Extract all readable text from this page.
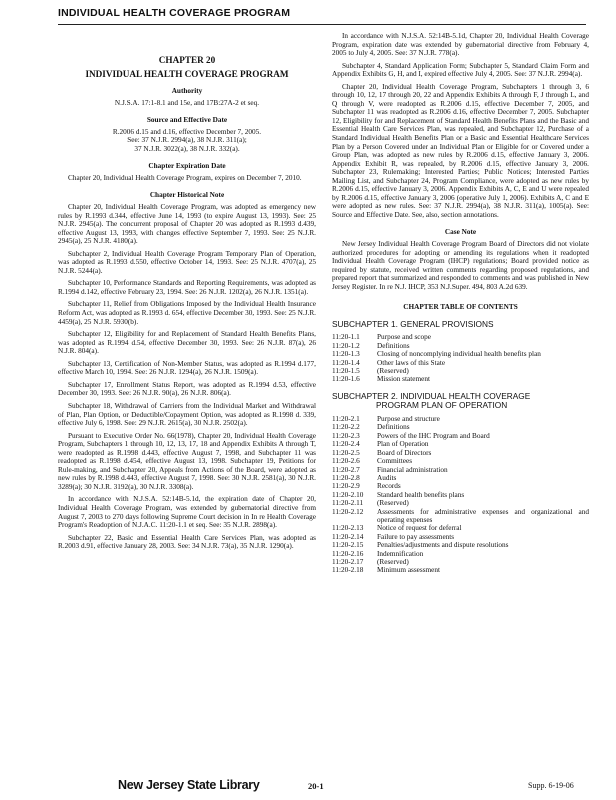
INDIVIDUAL HEALTH COVERAGE PROGRAM
CHAPTER 20
INDIVIDUAL HEALTH COVERAGE PROGRAM
Authority

N.J.S.A. 17:1-8.1 and 15e, and 17B:27A-2 et seq.

Source and Effective Date
R.2006 d.15 and d.16, effective December 7, 2005.
See: 37 N.J.R. 2994(a), 38 N.J.R. 311(a);
37 N.J.R. 3022(a), 38 N.J.R. 332(a).
Chapter Expiration Date

Chapter 20, Individual Health Coverage Program, expires on December 7, 2010.

Chapter Historical Note

Chapter 20, Individual Health Coverage Program, was adopted as emergency new rules by R.1993 d.344, effective June 14, 1993 (to expire August 13, 1993). See: 25 N.J.R. 2945(a). The concurrent proposal of Chapter 20 was adopted as R.1993 d.439, effective August 13, 1993, with changes effective September 7, 1993. See: 25 N.J.R. 2945(a), 25 N.J.R. 4180(a).

Subchapter 2, Individual Health Coverage Program Temporary Plan of Operation, was adopted as R.1993 d.550, effective October 14, 1993. See: 25 N.J.R. 4707(a), 25 N.J.R. 5244(a).

Subchapter 10, Performance Standards and Reporting Requirements, was adopted as R.1994 d.142, effective February 23, 1994. See: 26 N.J.R. 1202(a), 26 N.J.R. 1351(a).

Subchapter 11, Relief from Obligations Imposed by the Individual Health Insurance Reform Act, was adopted as R.1993 d. 654, effective December 30, 1993. See: 25 N.J.R. 4459(a), 25 N.J.R. 5930(b).

Subchapter 12, Eligibility for and Replacement of Standard Health Benefits Plans, was adopted as R.1994 d.54, effective December 30, 1993. See: 26 N.J.R. 87(a), 26 N.J.R. 804(a).

Subchapter 13, Certification of Non-Member Status, was adopted as R.1994 d.177, effective March 10, 1994. See: 26 N.J.R. 1294(a), 26 N.J.R. 1509(a).

Subchapter 17, Enrollment Status Report, was adopted as R.1994 d.53, effective December 30, 1993. See: 26 N.J.R. 90(a), 26 N.J.R. 806(a).

Subchapter 18, Withdrawal of Carriers from the Individual Market and Withdrawal of Plan, Plan Option, or Deductible/Copayment Option, was adopted as R.1998 d. 339, effective July 6, 1998. See: 29 N.J.R. 2615(a), 30 N.J.R. 2502(a).

Pursuant to Executive Order No. 66(1978), Chapter 20, Individual Health Coverage Program, Subchapters 1 through 10, 12, 13, 17, 18 and Appendix Exhibits A through T, were readopted as R.1998 d.443, effective August 7, 1998, and Subchapter 11 was readopted as R.1998 d.454, effective August 13, 1998. Subchapter 19, Petitions for Rule-making, and Subchapter 20, Appeals from Actions of the Board, were adopted as new rules by R.1998 d.443, effective August 7, 1998. See: 30 N.J.R. 2581(a), 30 N.J.R. 3289(a); 30 N.J.R. 3192(a), 30 N.J.R. 3308(a).

In accordance with N.J.S.A. 52:14B-5.1d, the expiration date of Chapter 20, Individual Health Coverage Program, was extended by gubernatorial directive from August 7, 2003 to 270 days following Supreme Court decision in In re Health Coverage Program's Readoption of N.J.A.C. 11:20-1.1 et seq. See: 35 N.J.R. 2898(a).

Subchapter 22, Basic and Essential Health Care Services Plan, was adopted as R.2003 d.91, effective January 28, 2003. See: 34 N.J.R. 73(a), 35 N.J.R. 1290(a).

In accordance with N.J.S.A. 52:14B-5.1d, Chapter 20, Individual Health Coverage Program, expiration date was extended by gubernatorial directive from February 4, 2005 to July 4, 2005. See: 37 N.J.R. 778(a).

Subchapter 4, Standard Application Form; Subchapter 5, Standard Claim Form and Appendix Exhibits G, H, and I, expired effective July 4, 2005. See: 37 N.J.R. 2994(a).

Chapter 20, Individual Health Coverage Program, Subchapters 1 through 3, 6 through 10, 12, 17 through 20, 22 and Appendix Exhibits A through F, J through L, and Q through V, were readopted as R.2006 d.15, effective December 7, 2005, and Subchapter 11 was readopted as R.2006 d.16, effective December 7, 2005. Subchapter 12, Eligibility for and Replacement of Standard Health Benefits Plans and the Basic and Essential Health Care Services Plan, was repealed, and Subchapter 12, Purchase of a Standard Individual Health Benefits Plan or a Basic and Essential Healthcare Services Plan by a Person Covered under an Individual Plan or Eligible for or Covered under a Group Plan, was adopted as new rules by R.2006 d.15, effective January 3, 2006. Appendix Exhibit R, was repealed, by R.2006 d.15, effective January 3, 2006. Subchapter 23, Rulemaking; Interested Parties; Public Notices; Interested Parties Mailing List, and Subchapter 24, Program Compliance, were adopted as new rules by R.2006 d.15, effective January 3, 2006. Appendix Exhibits A, C, E and U were repealed by R.2006 d.15, effective January 3, 2006 (operative July 1, 2006). Exhibits A, C and E were adopted as new rules. See: 37 N.J.R. 2994(a), 38 N.J.R. 311(a), 1005(a). See: Source and Effective Date. See, also, section annotations.

Case Note

New Jersey Individual Health Coverage Program Board of Directors did not violate authorized procedures for adopting or amending its regulations when it readopted Individual Health Coverage Program (IHCP) regulations; Board provided notice as required by statute, received written comments regarding proposed regulations, and prepared report that summarized and responded to comments and was published in New Jersey Register. In re N.J. IHCP, 353 N.J.Super. 494, 803 A.2d 639.

CHAPTER TABLE OF CONTENTS
SUBCHAPTER 1. GENERAL PROVISIONS
11:20-1.1	Purpose and scope
11:20-1.2	Definitions
11:20-1.3	Closing of noncomplying individual health benefits plan
11:20-1.4	Other laws of this State
11:20-1.5	(Reserved)
11:20-1.6	Mission statement
SUBCHAPTER 2. INDIVIDUAL HEALTH COVERAGE
PROGRAM PLAN OF OPERATION
11:20-2.1	Purpose and structure
11:20-2.2	Definitions
11:20-2.3	Powers of the IHC Program and Board
11:20-2.4	Plan of Operation
11:20-2.5	Board of Directors
11:20-2.6	Committees
11:20-2.7	Financial administration
11:20-2.8	Audits
11:20-2.9	Records
11:20-2.10	Standard health benefits plans
11:20-2.11	(Reserved)
11:20-2.12	Assessments for administrative expenses and organizational and operating expenses
11:20-2.13	Notice of request for deferral
11:20-2.14	Failure to pay assessments
11:20-2.15	Penalties/adjustments and dispute resolutions
11:20-2.16	Indemnification
11:20-2.17	(Reserved)
11:20-2.18	Minimum assessment
New Jersey State Library	20-1	Supp. 6-19-06
